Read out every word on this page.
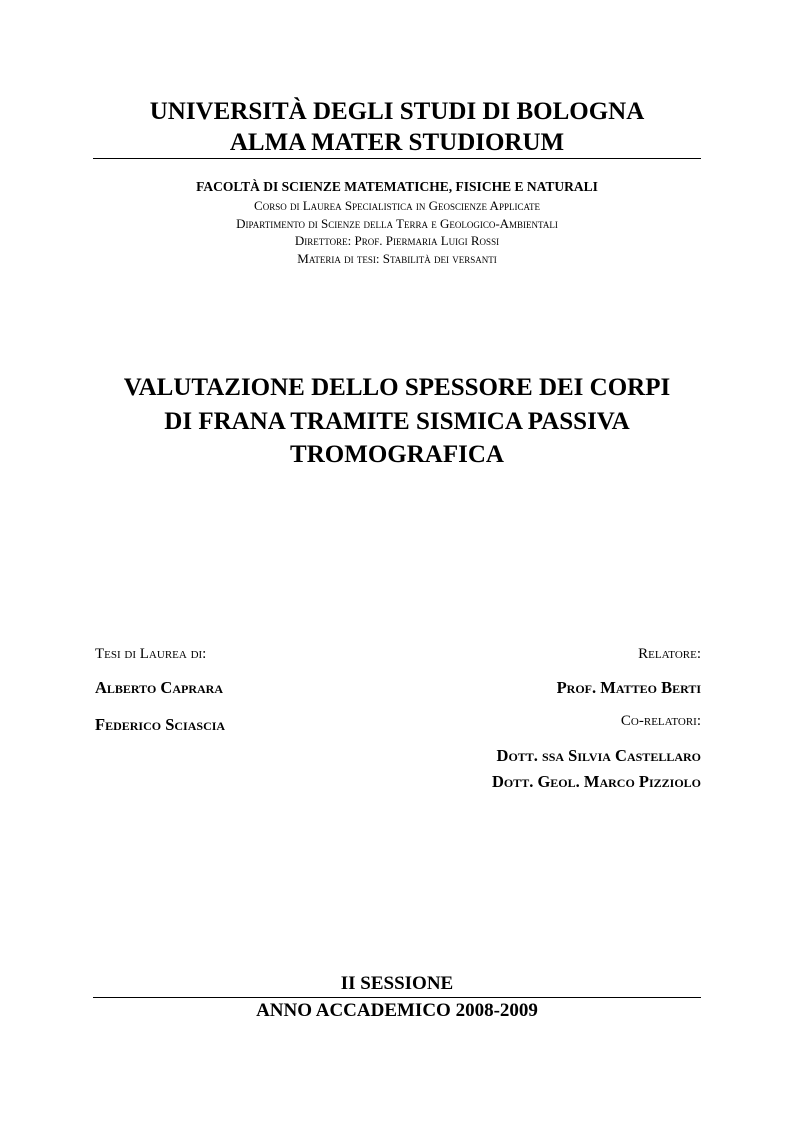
UNIVERSITÀ DEGLI STUDI DI BOLOGNA
ALMA MATER STUDIORUM
FACOLTÀ DI SCIENZE MATEMATICHE, FISICHE E NATURALI
Corso di Laurea Specialistica in Geoscienze Applicate
Dipartimento di Scienze della Terra e Geologico-Ambientali
Direttore: Prof. Piermaria Luigi Rossi
Materia di tesi: Stabilità dei versanti
VALUTAZIONE DELLO SPESSORE DEI CORPI
DI FRANA TRAMITE SISMICA PASSIVA
TROMOGRAFICA
Tesi di Laurea di:
Alberto Caprara
Federico Sciascia
Relatore:
Prof. Matteo Berti
Co-relatori:
Dott. ssa Silvia Castellaro
Dott. Geol. Marco Pizziolo
II SESSIONE
ANNO ACCADEMICO 2008-2009
